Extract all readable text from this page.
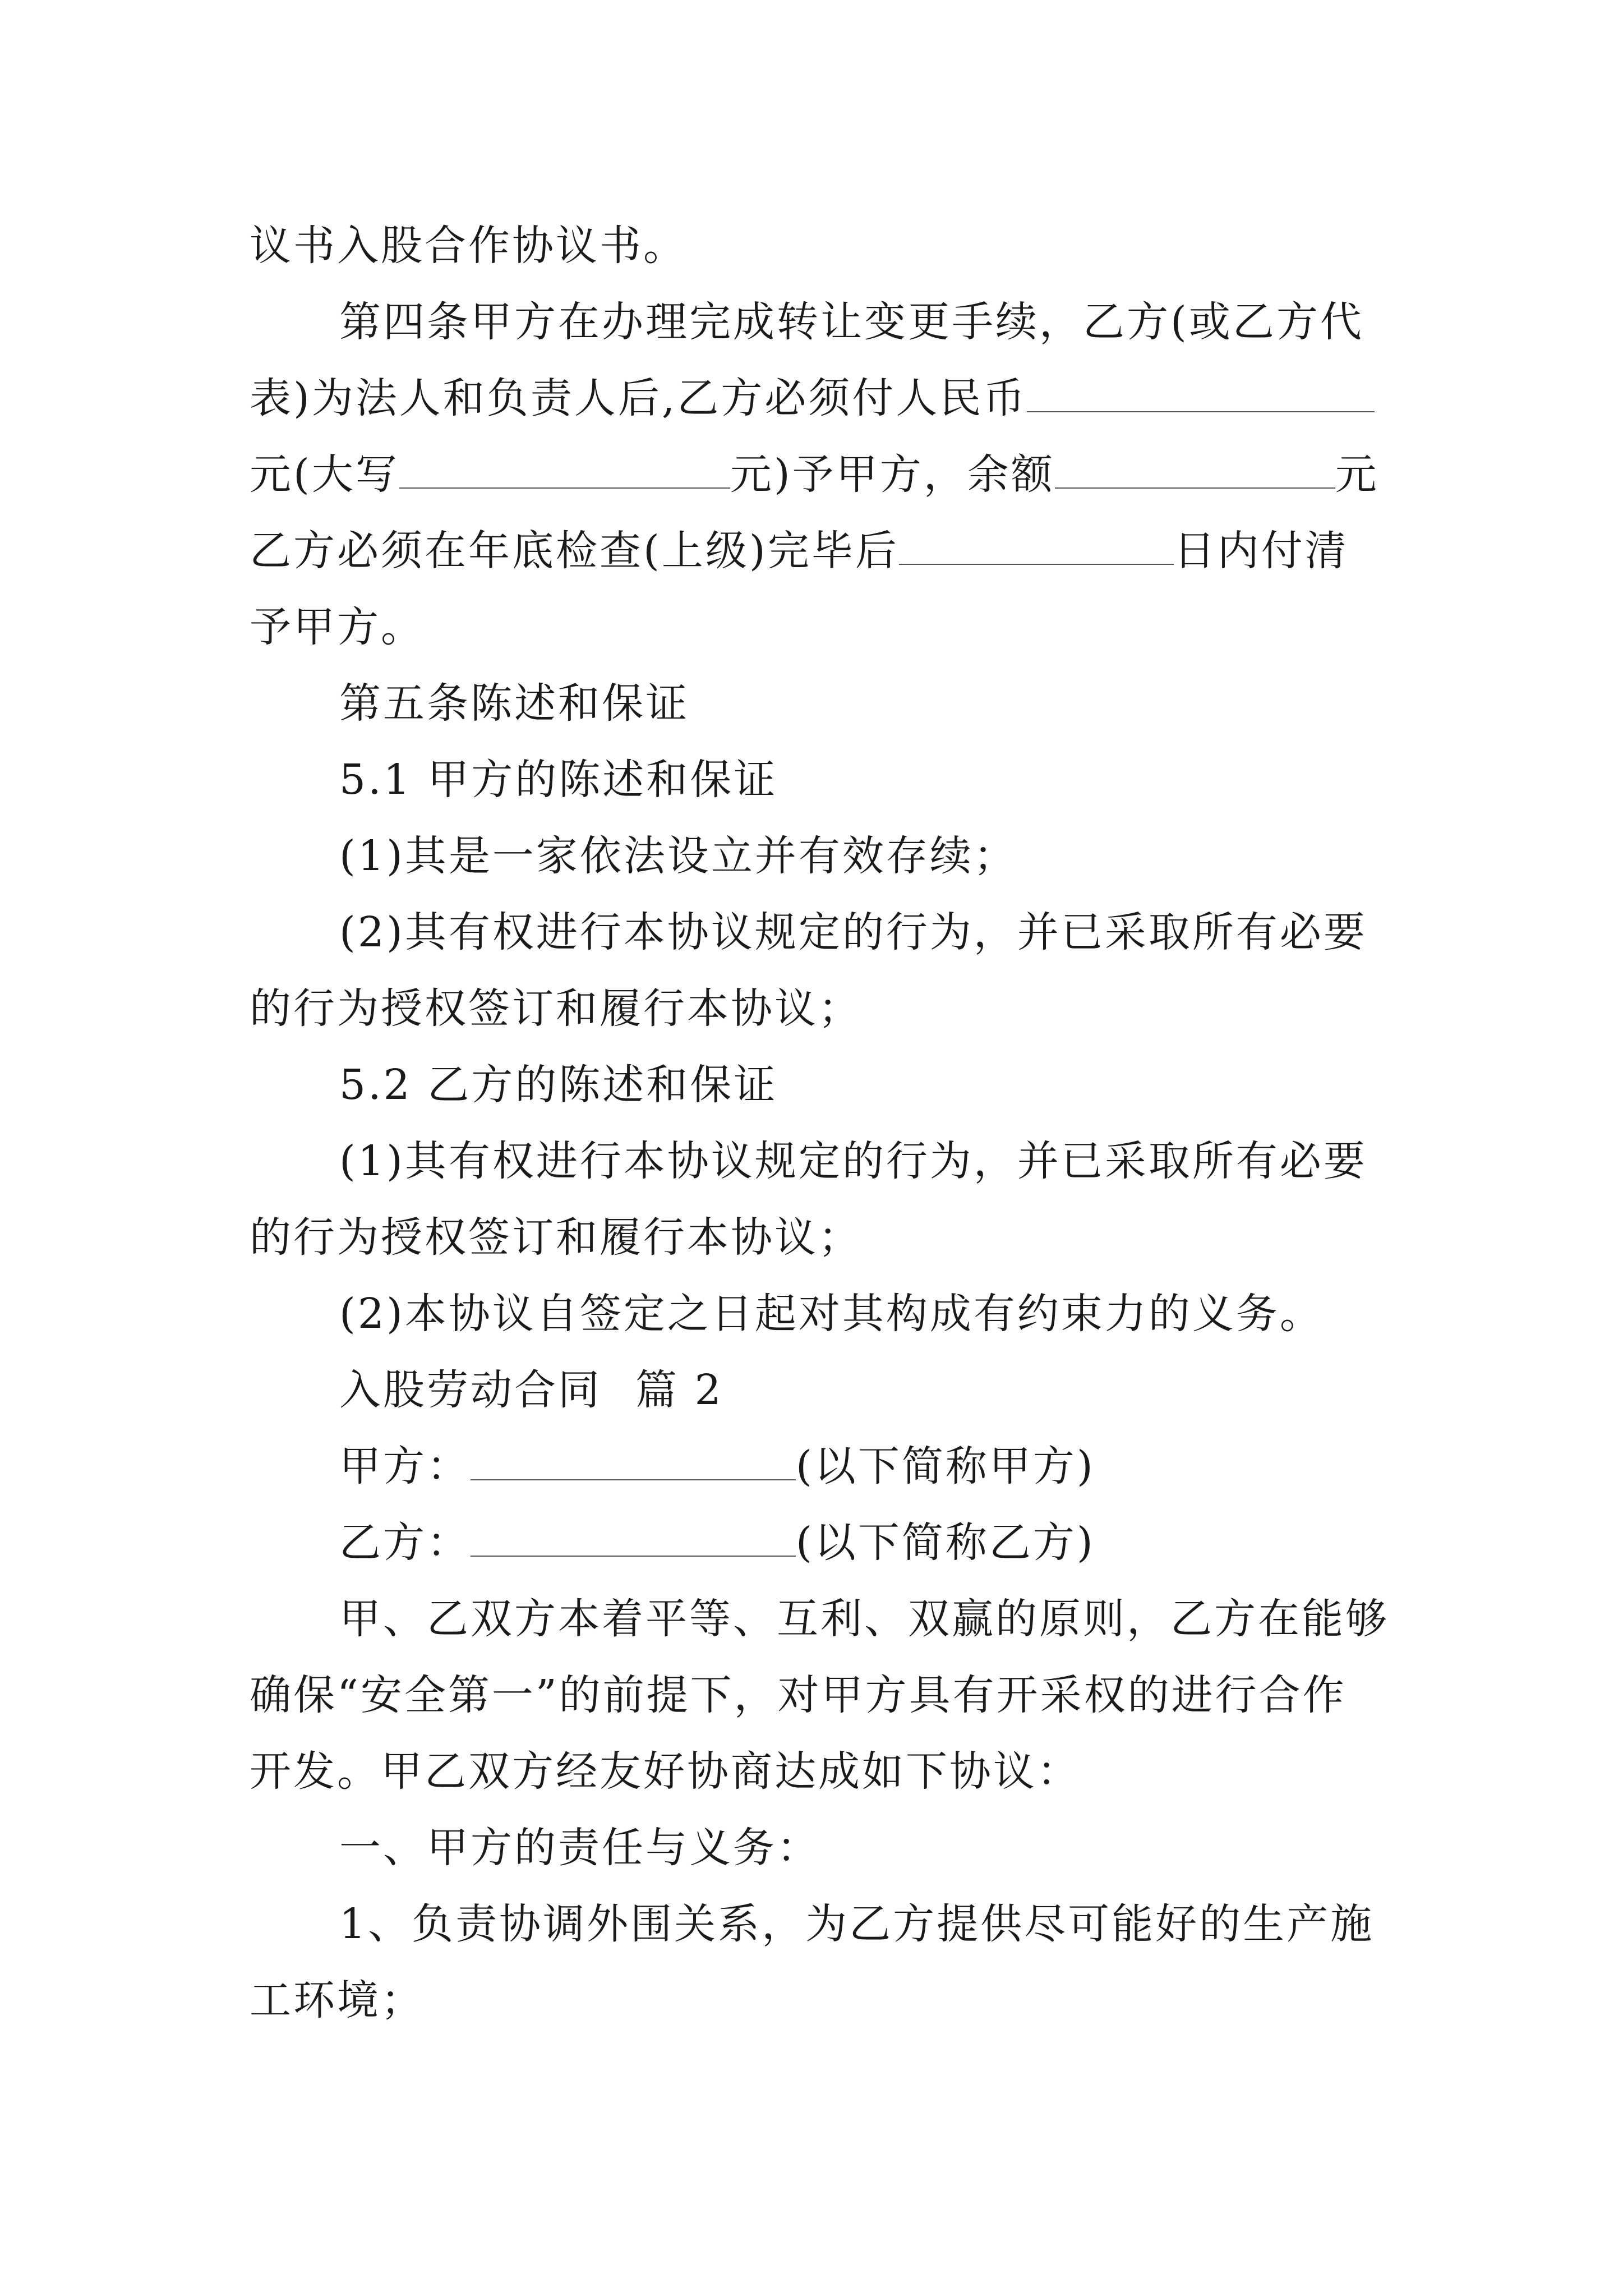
议书入股合作协议书。
第四条甲方在办理完成转让变更手续，乙方(或乙方代
表)为法人和负责人后,乙方必须付人民币
元(大写	元)予甲方，余额	元
乙方必须在年底检查(上级)完毕后	日内付清
予甲方。
第五条陈述和保证
5.1 甲方的陈述和保证
(1)其是一家依法设立并有效存续；
(2)其有权进行本协议规定的行为，并已采取所有必要
的行为授权签订和履行本协议；
5.2 乙方的陈述和保证
(1)其有权进行本协议规定的行为，并已采取所有必要
的行为授权签订和履行本协议；
(2)本协议自签定之日起对其构成有约束力的义务。
入股劳动合同 篇 2
甲方：	(以下简称甲方)
乙方：	(以下简称乙方)
甲、乙双方本着平等、互利、双赢的原则，乙方在能够
确保“安全第一”的前提下，对甲方具有开采权的进行合作
开发。甲乙双方经友好协商达成如下协议：
一、甲方的责任与义务：
1、负责协调外围关系，为乙方提供尽可能好的生产施
工环境；
